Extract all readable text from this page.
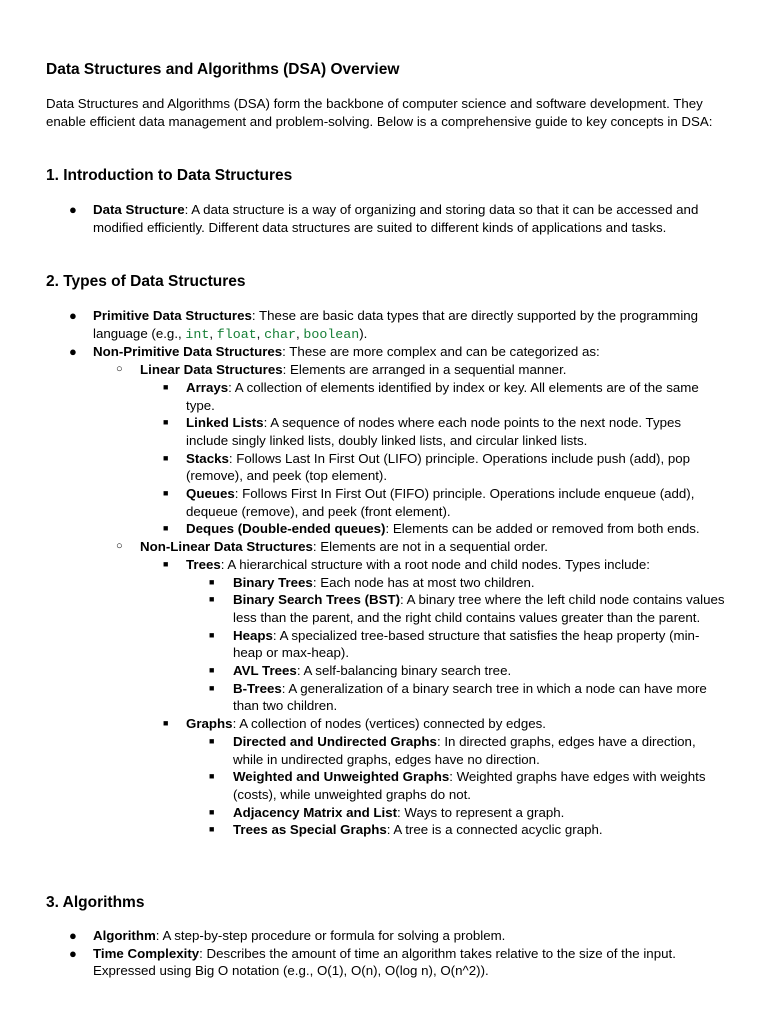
Data Structures and Algorithms (DSA) Overview

Data Structures and Algorithms (DSA) form the backbone of computer science and software development. They enable efficient data management and problem-solving. Below is a comprehensive guide to key concepts in DSA:

1. Introduction to Data Structures
● Data Structure: A data structure is a way of organizing and storing data so that it can be accessed and modified efficiently. Different data structures are suited to different kinds of applications and tasks.
2. Types of Data Structures
● Primitive Data Structures: These are basic data types that are directly supported by the programming language (e.g., int, float, char, boolean).
● Non-Primitive Data Structures: These are more complex and can be categorized as:
○ Linear Data Structures: Elements are arranged in a sequential manner.
■ Arrays: A collection of elements identified by index or key. All elements are of the same type.
■ Linked Lists: A sequence of nodes where each node points to the next node. Types include singly linked lists, doubly linked lists, and circular linked lists.
■ Stacks: Follows Last In First Out (LIFO) principle. Operations include push (add), pop (remove), and peek (top element).
■ Queues: Follows First In First Out (FIFO) principle. Operations include enqueue (add), dequeue (remove), and peek (front element).
■ Deques (Double-ended queues): Elements can be added or removed from both ends.
○ Non-Linear Data Structures: Elements are not in a sequential order.
■ Trees: A hierarchical structure with a root node and child nodes. Types include:
■ Binary Trees: Each node has at most two children.
■ Binary Search Trees (BST): A binary tree where the left child node contains values less than the parent, and the right child contains values greater than the parent.
■ Heaps: A specialized tree-based structure that satisfies the heap property (min-heap or max-heap).
■ AVL Trees: A self-balancing binary search tree.
■ B-Trees: A generalization of a binary search tree in which a node can have more than two children.
■ Graphs: A collection of nodes (vertices) connected by edges.
■ Directed and Undirected Graphs: In directed graphs, edges have a direction, while in undirected graphs, edges have no direction.
■ Weighted and Unweighted Graphs: Weighted graphs have edges with weights (costs), while unweighted graphs do not.
■ Adjacency Matrix and List: Ways to represent a graph.
■ Trees as Special Graphs: A tree is a connected acyclic graph.
3. Algorithms
● Algorithm: A step-by-step procedure or formula for solving a problem.
● Time Complexity: Describes the amount of time an algorithm takes relative to the size of the input. Expressed using Big O notation (e.g., O(1), O(n), O(log n), O(n^2)).
